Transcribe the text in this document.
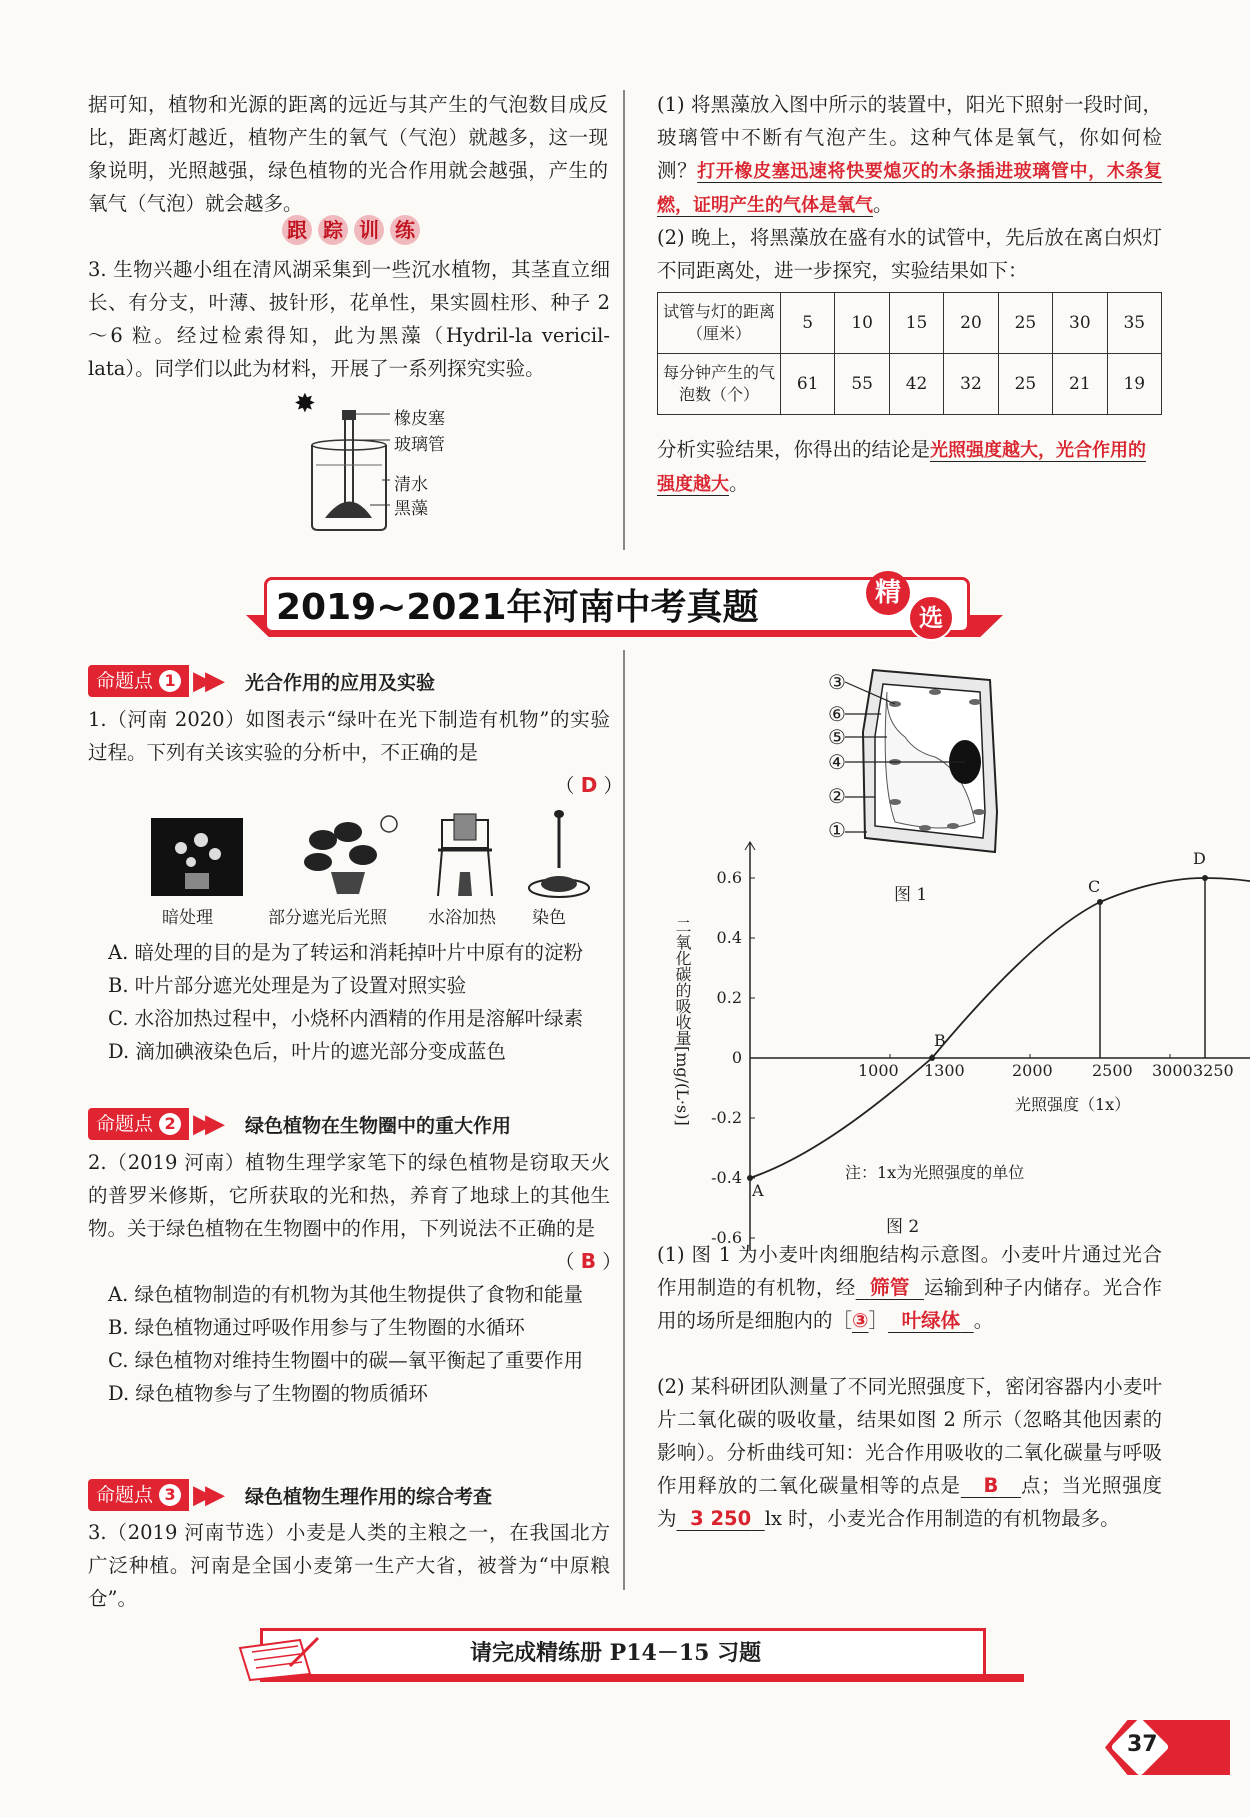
据可知，植物和光源的距离的远近与其产生的气泡数目成反比，距离灯越近，植物产生的氧气（气泡）就越多，这一现象说明，光照越强，绿色植物的光合作用就会越强，产生的氧气（气泡）就会越多。
跟 踪 训 练
3. 生物兴趣小组在清风湖采集到一些沉水植物，其茎直立细长、有分支，叶薄、披针形，花单性，果实圆柱形、种子 2～6 粒。经过检索得知，此为黑藻（Hydril-la vericil-lata）。同学们以此为材料，开展了一系列探究实验。
✸	橡皮塞
玻璃管
清水
黑藻
(1) 将黑藻放入图中所示的装置中，阳光下照射一段时间，玻璃管中不断有气泡产生。这种气体是氧气，你如何检测？打开橡皮塞迅速将快要熄灭的木条插进玻璃管中，木条复燃，证明产生的气体是氧气。
(2) 晚上，将黑藻放在盛有水的试管中，先后放在离白炽灯不同距离处，进一步探究，实验结果如下：
试管与灯的距离（厘米）	5	10	15	20	25	30	35
每分钟产生的气泡数（个）	61	55	42	32	25	21	19
分析实验结果，你得出的结论是光照强度越大，光合作用的强度越大。
2019~2021年河南中考真题	精
选
命题点 1 ▶▶ 光合作用的应用及实验
1.（河南 2020）如图表示“绿叶在光下制造有机物”的实验过程。下列有关该实验的分析中，不正确的是
（ D ）
暗处理	部分遮光后光照 水浴加热 染色
A. 暗处理的目的是为了转运和消耗掉叶片中原有的淀粉
B. 叶片部分遮光处理是为了设置对照实验
C. 水浴加热过程中，小烧杯内酒精的作用是溶解叶绿素
D. 滴加碘液染色后，叶片的遮光部分变成蓝色
命题点 2 ▶▶ 绿色植物在生物圈中的重大作用
2.（2019 河南）植物生理学家笔下的绿色植物是窃取天火的普罗米修斯，它所获取的光和热，养育了地球上的其他生物。关于绿色植物在生物圈中的作用，下列说法不正确的是
（ B ）
A. 绿色植物制造的有机物为其他生物提供了食物和能量
B. 绿色植物通过呼吸作用参与了生物圈的水循环
C. 绿色植物对维持生物圈中的碳—氧平衡起了重要作用
D. 绿色植物参与了生物圈的物质循环
命题点 3 ▶▶ 绿色植物生理作用的综合考查
3.（2019 河南节选）小麦是人类的主粮之一，在我国北方广泛种植。河南是全国小麦第一生产大省，被誉为“中原粮仓”。
③
⑥
⑤
④
②
①
图 1
0.6
0.4
0.2
0
-0.2
-0.4
-0.6
1000 1300	2000 2500 3000 3250
A
B
C
D
二氧化碳的吸收量[mg/(L·s)]	光照强度（1x）
注：1x为光照强度的单位
图 2
(1) 图 1 为小麦叶肉细胞结构示意图。小麦叶片通过光合作用制造的有机物，经 筛管 运输到种子内储存。光合作用的场所是细胞内的［③］ 叶绿体 。
(2) 某科研团队测量了不同光照强度下，密闭容器内小麦叶片二氧化碳的吸收量，结果如图 2 所示（忽略其他因素的影响）。分析曲线可知：光合作用吸收的二氧化碳量与呼吸作用释放的二氧化碳量相等的点是 B 点；当光照强度为 3 250 lx 时，小麦光合作用制造的有机物最多。
请完成精练册 P14－15 习题
37
